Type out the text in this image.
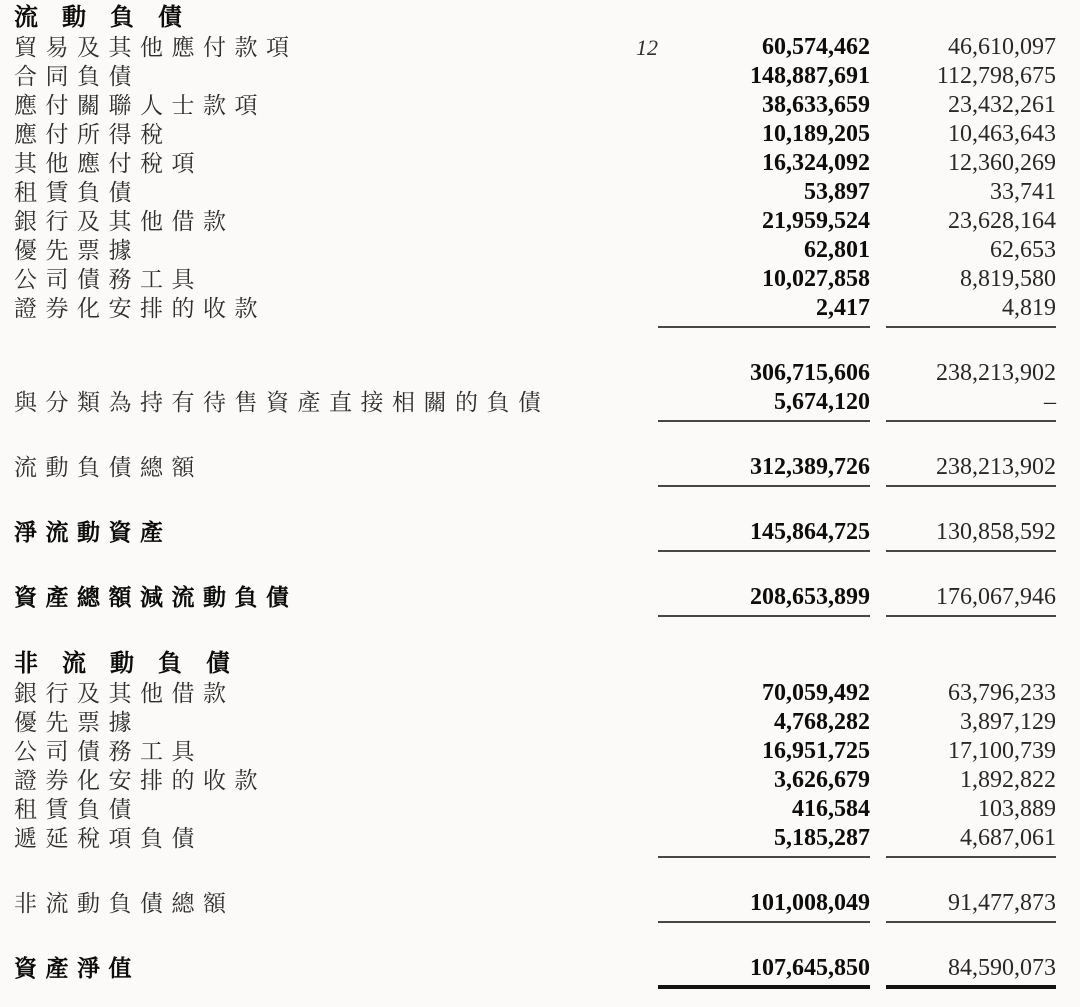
流動負債
貿易及其他應付款項	12	60,574,462	46,610,097
合同負債	148,887,691	112,798,675
應付關聯人士款項	38,633,659	23,432,261
應付所得稅	10,189,205	10,463,643
其他應付稅項	16,324,092	12,360,269
租賃負債	53,897	33,741
銀行及其他借款	21,959,524	23,628,164
優先票據	62,801	62,653
公司債務工具	10,027,858	8,819,580
證券化安排的收款	2,417	4,819
306,715,606	238,213,902
與分類為持有待售資產直接相關的負債	5,674,120	–
流動負債總額	312,389,726	238,213,902
淨流動資產	145,864,725	130,858,592
資產總額減流動負債	208,653,899	176,067,946
非流動負債
銀行及其他借款	70,059,492	63,796,233
優先票據	4,768,282	3,897,129
公司債務工具	16,951,725	17,100,739
證券化安排的收款	3,626,679	1,892,822
租賃負債	416,584	103,889
遞延稅項負債	5,185,287	4,687,061
非流動負債總額	101,008,049	91,477,873
資產淨值	107,645,850	84,590,073
